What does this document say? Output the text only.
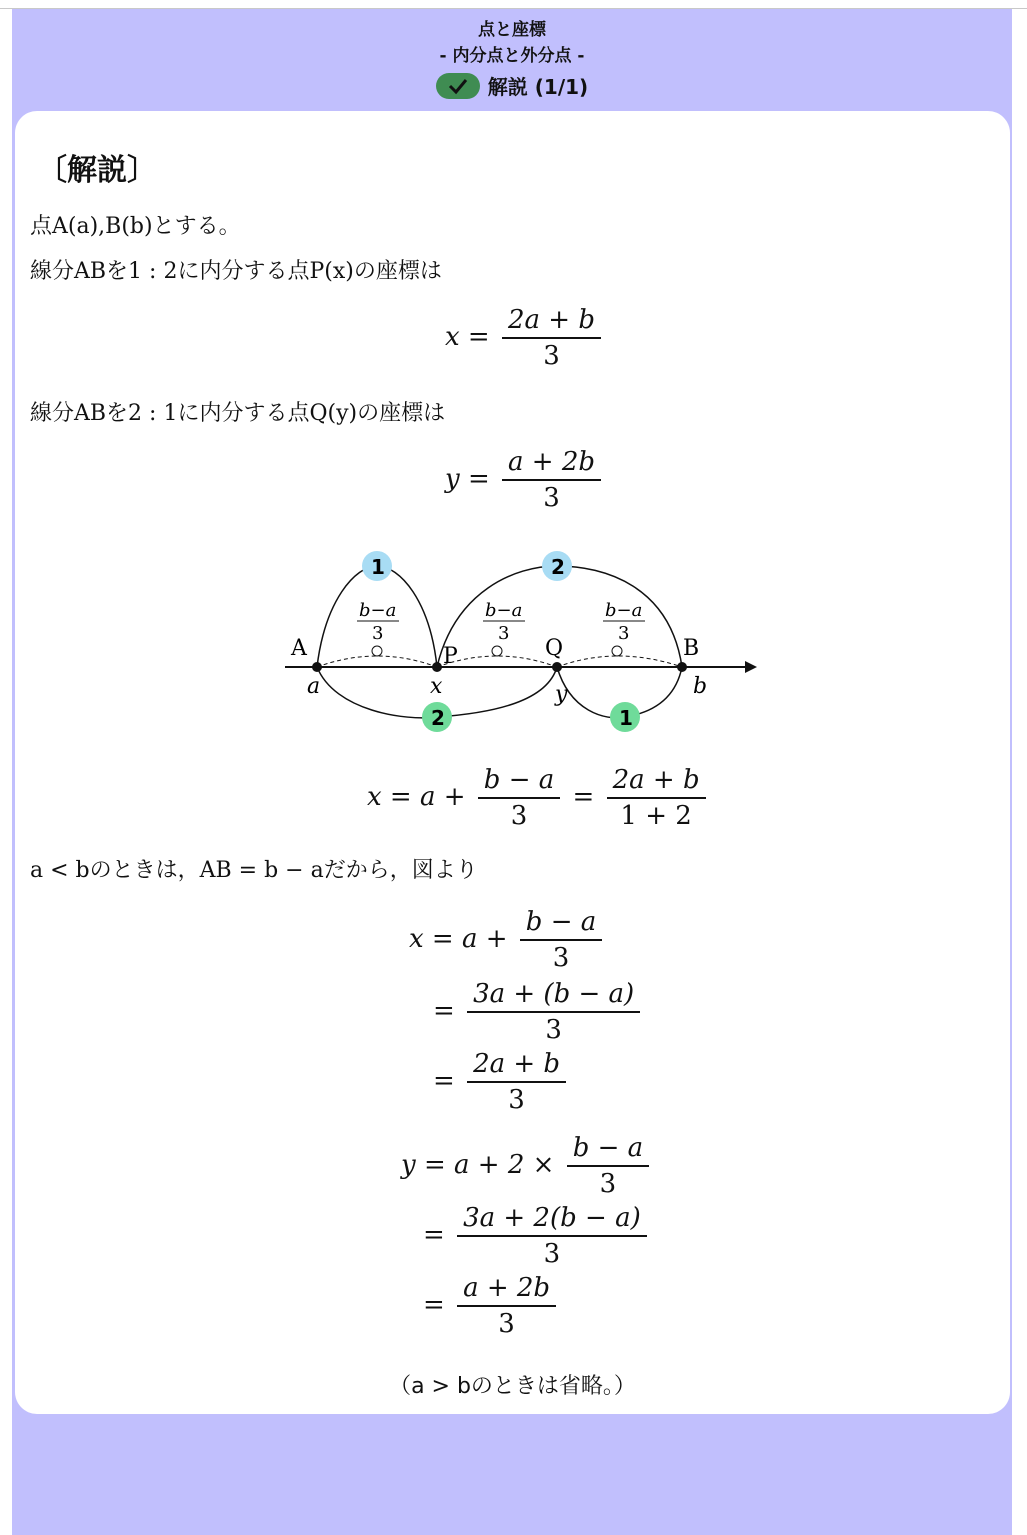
点と座標
- 内分点と外分点 -
解説 (1/1)
〔解説〕
点A(a),B(b)とする。
線分ABを1 : 2に内分する点P(x)の座標は
$x = \frac{2a + b}{3}$
線分ABを2 : 1に内分する点Q(y)の座標は
$y = \frac{a + 2b}{3}$
1	2
2	1
A	P	Q	B
a	x	y	b
b−a
3
b−a
3
b−a
3
$x = a + \frac{b - a}{3} = \frac{2a + b}{1 + 2}$
a < bのときは，AB = b − aだから，図より
$x = a + \frac{b - a}{3}$
= $\frac{3a + (b - a)}{3}$
= $\frac{2a + b}{3}$
$y = a + 2 \times \frac{b - a}{3}$
= $\frac{3a + 2(b - a)}{3}$
= $\frac{a + 2b}{3}$
（a > bのときは省略。）
